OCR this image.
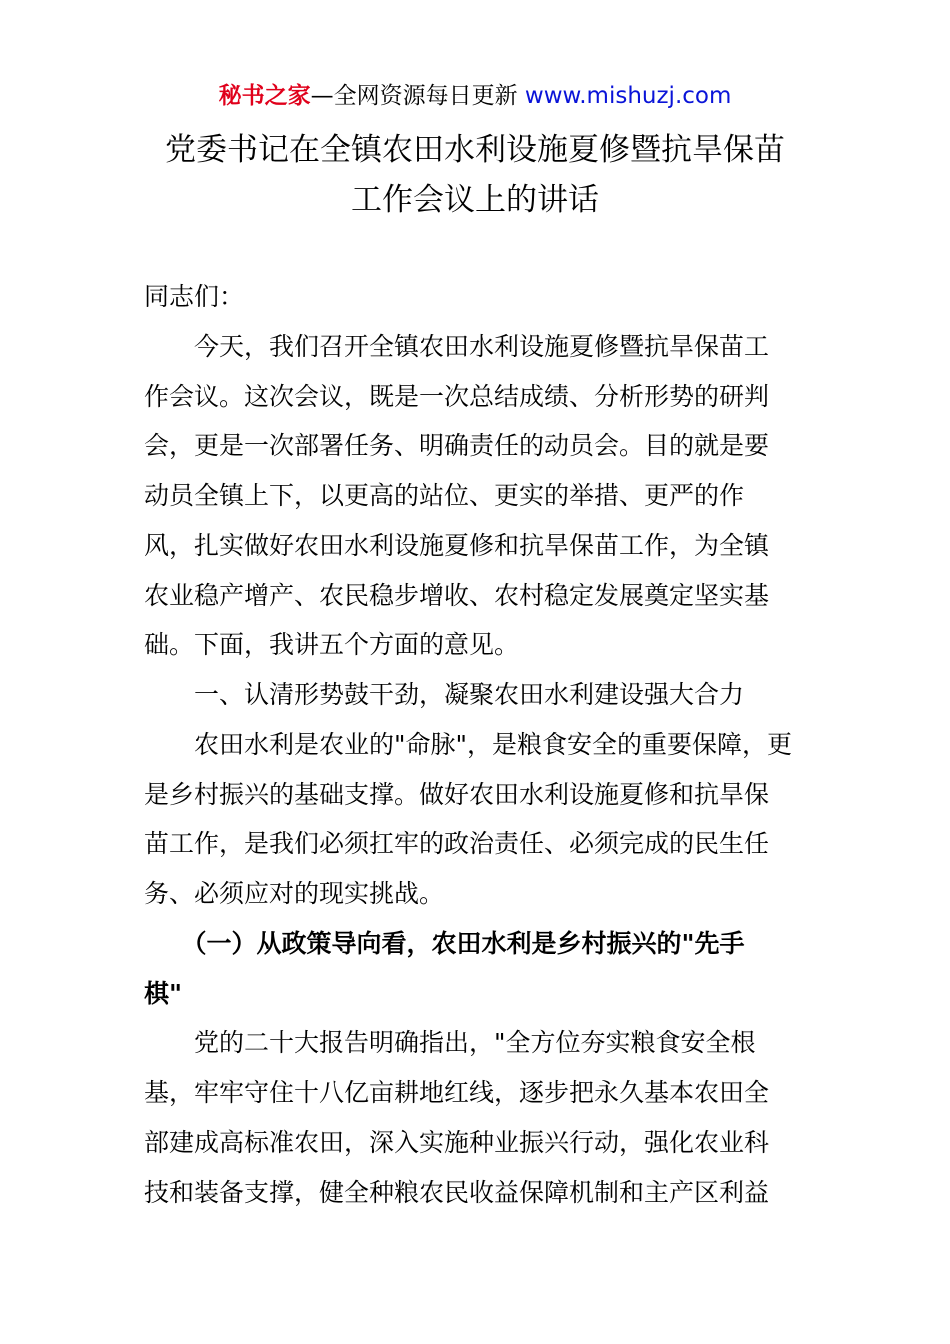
秘书之家—全网资源每日更新 www.mishuzj.com
党委书记在全镇农田水利设施夏修暨抗旱保苗
工作会议上的讲话
同志们：
　　今天，我们召开全镇农田水利设施夏修暨抗旱保苗工
作会议。这次会议，既是一次总结成绩、分析形势的研判
会，更是一次部署任务、明确责任的动员会。目的就是要
动员全镇上下，以更高的站位、更实的举措、更严的作
风，扎实做好农田水利设施夏修和抗旱保苗工作，为全镇
农业稳产增产、农民稳步增收、农村稳定发展奠定坚实基
础。下面，我讲五个方面的意见。
　　一、认清形势鼓干劲，凝聚农田水利建设强大合力
　　农田水利是农业的"命脉"，是粮食安全的重要保障，更
是乡村振兴的基础支撑。做好农田水利设施夏修和抗旱保
苗工作，是我们必须扛牢的政治责任、必须完成的民生任
务、必须应对的现实挑战。
　　（一）从政策导向看，农田水利是乡村振兴的"先手
棋"
　　党的二十大报告明确指出，"全方位夯实粮食安全根
基，牢牢守住十八亿亩耕地红线，逐步把永久基本农田全
部建成高标准农田，深入实施种业振兴行动，强化农业科
技和装备支撑，健全种粮农民收益保障机制和主产区利益
